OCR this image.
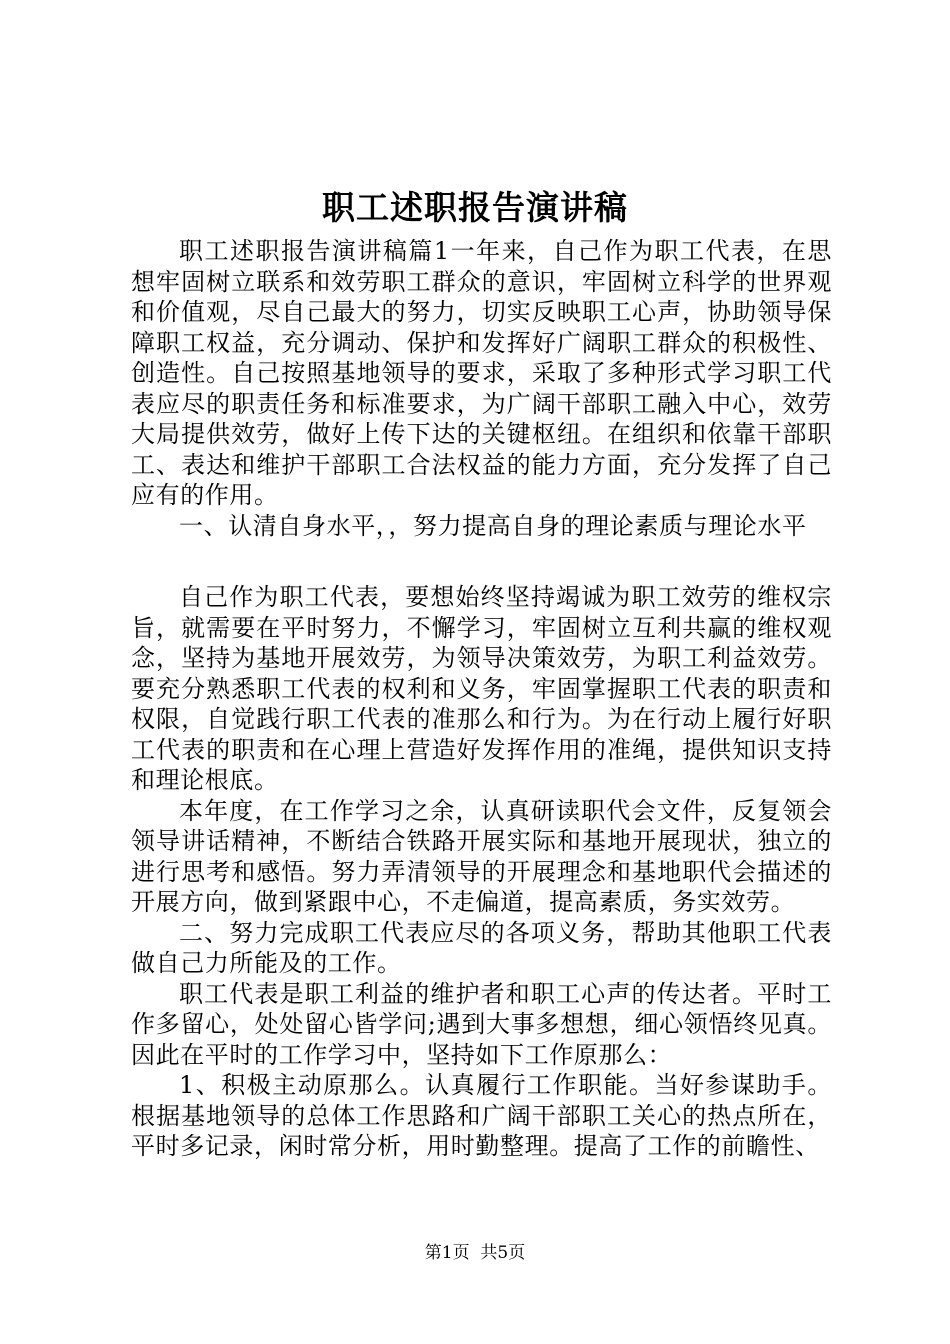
职工述职报告演讲稿

职工述职报告演讲稿篇1一年来，自己作为职工代表，在思想牢固树立联系和效劳职工群众的意识，牢固树立科学的世界观和价值观，尽自己最大的努力，切实反映职工心声，协助领导保障职工权益，充分调动、保护和发挥好广阔职工群众的积极性、创造性。自己按照基地领导的要求，采取了多种形式学习职工代表应尽的职责任务和标准要求，为广阔干部职工融入中心，效劳大局提供效劳，做好上传下达的关键枢纽。在组织和依靠干部职工、表达和维护干部职工合法权益的能力方面，充分发挥了自己应有的作用。

一、认清自身水平，，努力提高自身的理论素质与理论水平

自己作为职工代表，要想始终坚持竭诚为职工效劳的维权宗旨，就需要在平时努力，不懈学习，牢固树立互利共赢的维权观念，坚持为基地开展效劳，为领导决策效劳，为职工利益效劳。要充分熟悉职工代表的权利和义务，牢固掌握职工代表的职责和权限，自觉践行职工代表的准那么和行为。为在行动上履行好职工代表的职责和在心理上营造好发挥作用的准绳，提供知识支持和理论根底。

本年度，在工作学习之余，认真研读职代会文件，反复领会领导讲话精神，不断结合铁路开展实际和基地开展现状，独立的进行思考和感悟。努力弄清领导的开展理念和基地职代会描述的开展方向，做到紧跟中心，不走偏道，提高素质，务实效劳。

二、努力完成职工代表应尽的各项义务，帮助其他职工代表做自己力所能及的工作。

职工代表是职工利益的维护者和职工心声的传达者。平时工作多留心，处处留心皆学问;遇到大事多想想，细心领悟终见真。因此在平时的工作学习中，坚持如下工作原那么：

1、积极主动原那么。认真履行工作职能。当好参谋助手。根据基地领导的总体工作思路和广阔干部职工关心的热点所在，平时多记录，闲时常分析，用时勤整理。提高了工作的前瞻性、

第1页 共5页
